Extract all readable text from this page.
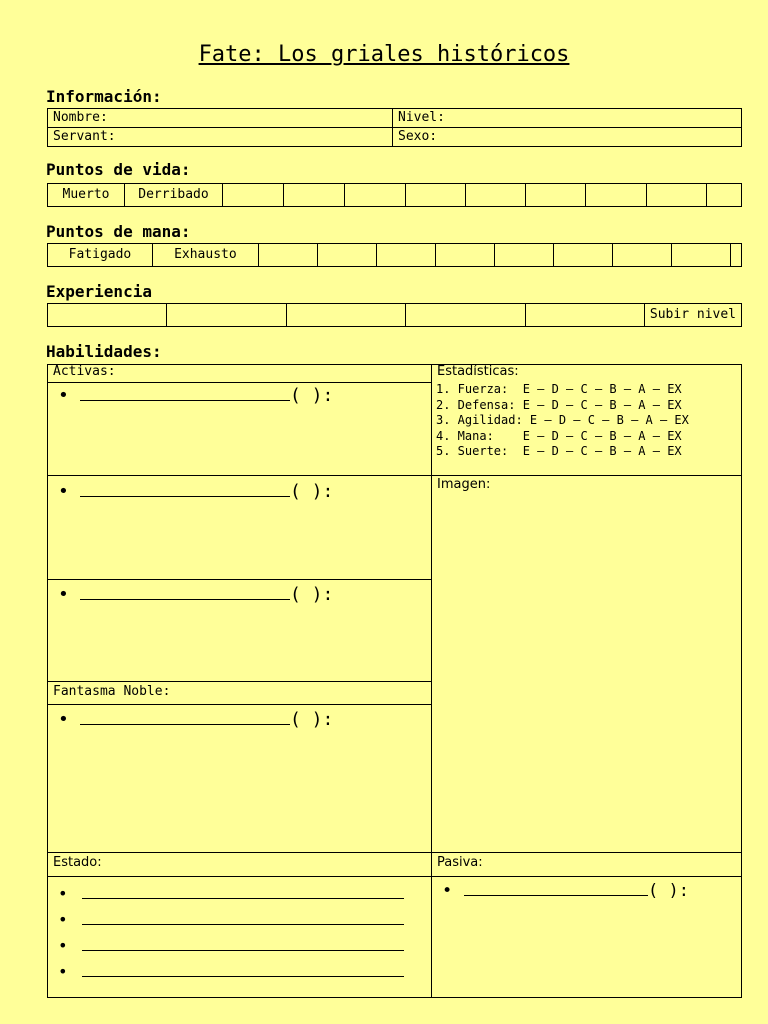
Fate: Los griales históricos
Información:
Nombre:	Nivel:
Servant:	Sexo:
Puntos de vida:
Muerto	Derribado									
Puntos de mana:
Fatigado	Exhausto									
Experiencia
					Subir nivel
Habilidades:
Activas:
•	( ):
•	( ):
•	( ):
Fantasma Noble:
•	( ):
Estado:
•
•
•
•
Estadísticas:
1. Fuerza:  E – D – C – B – A – EX
2. Defensa: E – D – C – B – A – EX
3. Agilidad: E – D – C – B – A – EX
4. Mana:    E – D – C – B – A – EX
5. Suerte:  E – D – C – B – A – EX
Imagen:
Pasiva:
•	( ):
